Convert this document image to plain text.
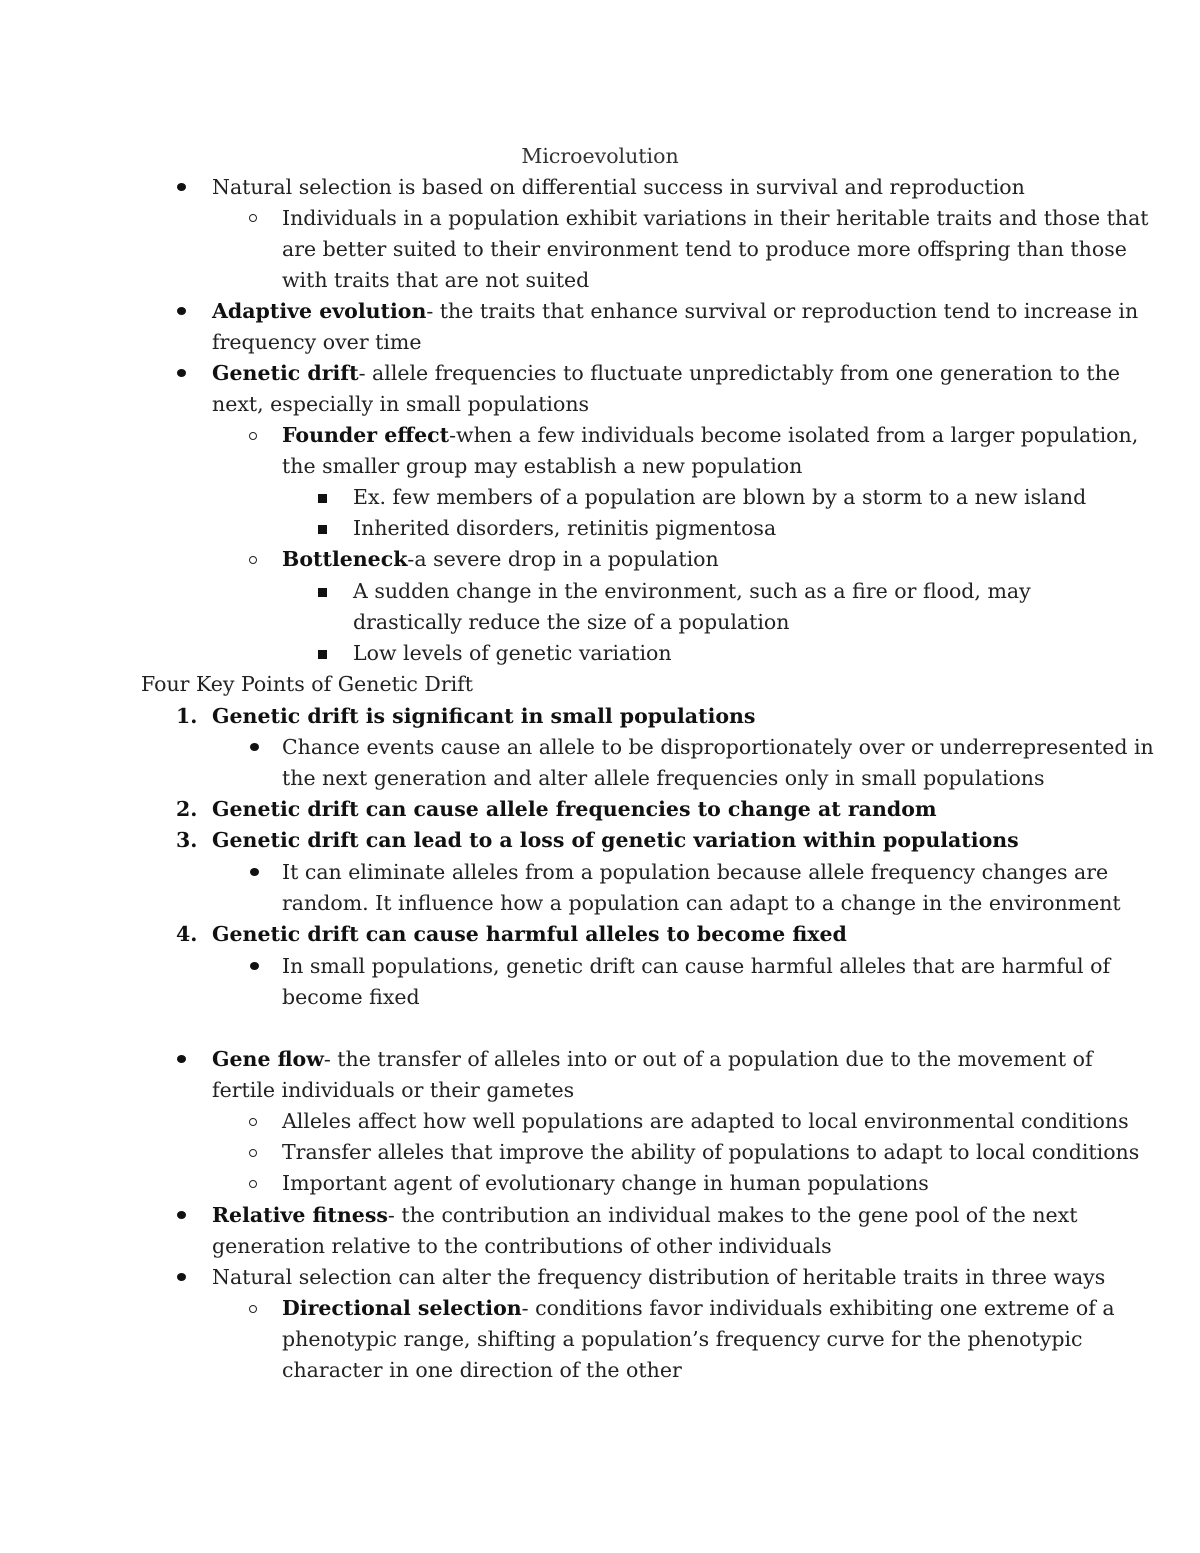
Microevolution
Natural selection is based on differential success in survival and reproduction
Individuals in a population exhibit variations in their heritable traits and those that
are better suited to their environment tend to produce more offspring than those
with traits that are not suited
Adaptive evolution- the traits that enhance survival or reproduction tend to increase in
frequency over time
Genetic drift- allele frequencies to fluctuate unpredictably from one generation to the
next, especially in small populations
Founder effect-when a few individuals become isolated from a larger population,
the smaller group may establish a new population
Ex. few members of a population are blown by a storm to a new island
Inherited disorders, retinitis pigmentosa
Bottleneck-a severe drop in a population
A sudden change in the environment, such as a fire or flood, may
drastically reduce the size of a population
Low levels of genetic variation
Four Key Points of Genetic Drift
1. Genetic drift is significant in small populations
Chance events cause an allele to be disproportionately over or underrepresented in
the next generation and alter allele frequencies only in small populations
2. Genetic drift can cause allele frequencies to change at random
3. Genetic drift can lead to a loss of genetic variation within populations
It can eliminate alleles from a population because allele frequency changes are
random. It influence how a population can adapt to a change in the environment
4. Genetic drift can cause harmful alleles to become fixed
In small populations, genetic drift can cause harmful alleles that are harmful of
become fixed
Gene flow- the transfer of alleles into or out of a population due to the movement of
fertile individuals or their gametes
Alleles affect how well populations are adapted to local environmental conditions
Transfer alleles that improve the ability of populations to adapt to local conditions
Important agent of evolutionary change in human populations
Relative fitness- the contribution an individual makes to the gene pool of the next
generation relative to the contributions of other individuals
Natural selection can alter the frequency distribution of heritable traits in three ways
Directional selection- conditions favor individuals exhibiting one extreme of a
phenotypic range, shifting a population’s frequency curve for the phenotypic
character in one direction of the other
